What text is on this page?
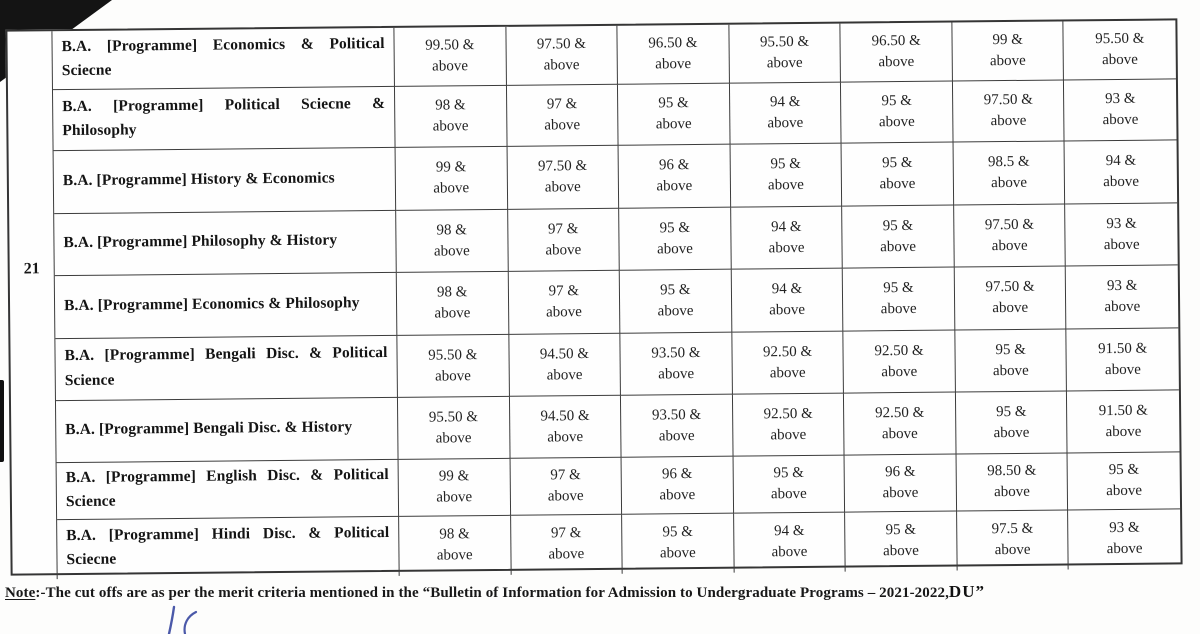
21
B.A. [Programme] Economics & Political Sciecne
99.50 &
above
97.50 &
above
96.50 &
above
95.50 &
above
96.50 &
above
99 &
above
95.50 &
above
B.A. [Programme] Political Sciecne & Philosophy
98 &
above
97 &
above
95 &
above
94 &
above
95 &
above
97.50 &
above
93 &
above
B.A. [Programme] History & Economics
99 &
above
97.50 &
above
96 &
above
95 &
above
95 &
above
98.5 &
above
94 &
above
B.A. [Programme] Philosophy & History
98 &
above
97 &
above
95 &
above
94 &
above
95 &
above
97.50 &
above
93 &
above
B.A. [Programme] Economics & Philosophy
98 &
above
97 &
above
95 &
above
94 &
above
95 &
above
97.50 &
above
93 &
above
B.A. [Programme] Bengali Disc. & Political Science
95.50 &
above
94.50 &
above
93.50 &
above
92.50 &
above
92.50 &
above
95 &
above
91.50 &
above
B.A. [Programme] Bengali Disc. & History
95.50 &
above
94.50 &
above
93.50 &
above
92.50 &
above
92.50 &
above
95 &
above
91.50 &
above
B.A. [Programme] English Disc. & Political Science
99 &
above
97 &
above
96 &
above
95 &
above
96 &
above
98.50 &
above
95 &
above
B.A. [Programme] Hindi Disc. & Political Sciecne
98 &
above
97 &
above
95 &
above
94 &
above
95 &
above
97.5 &
above
93 &
above
Note:-The cut offs are as per the merit criteria mentioned in the “Bulletin of Information for Admission to Undergraduate Programs – 2021-2022,DU”
